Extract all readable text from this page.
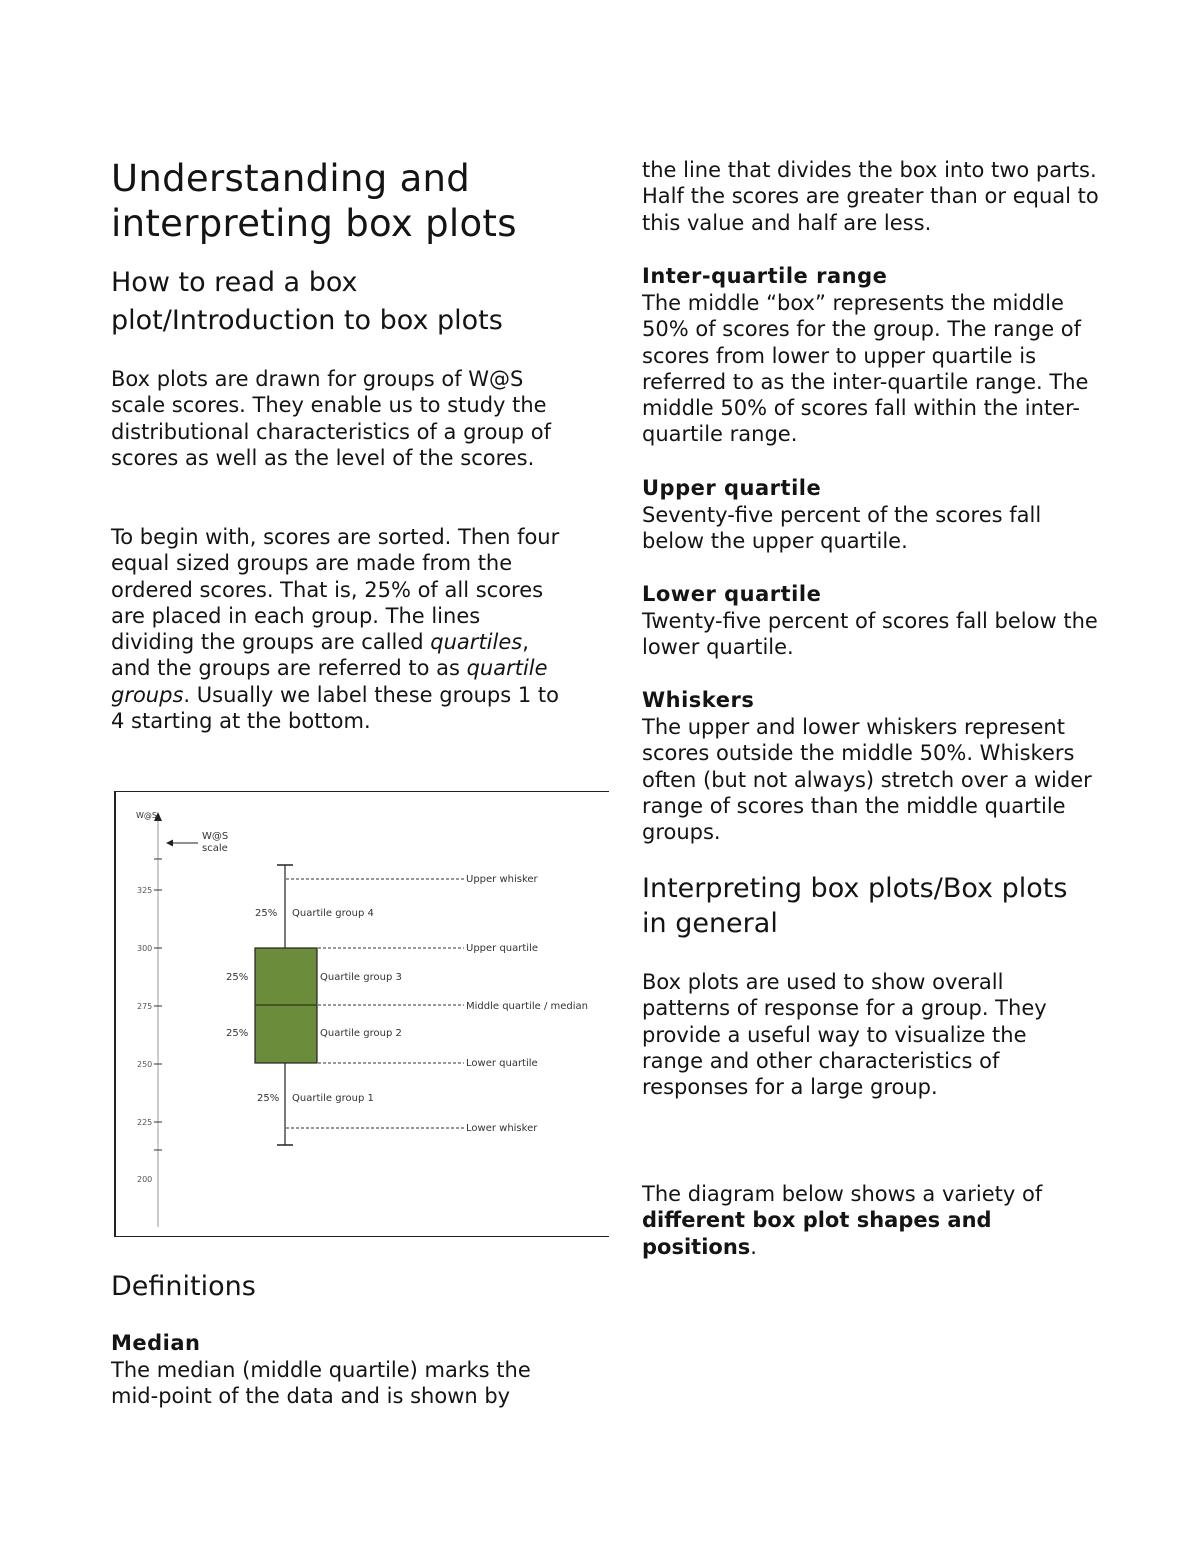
Understanding and interpreting box plots
How to read a box plot/Introduction to box plots

Box plots are drawn for groups of W@S scale scores. They enable us to study the distributional characteristics of a group of scores as well as the level of the scores.

To begin with, scores are sorted. Then four equal sized groups are made from the ordered scores. That is, 25% of all scores are placed in each group. The lines dividing the groups are called quartiles, and the groups are referred to as quartile groups. Usually we label these groups 1 to 4 starting at the bottom.

Definitions
Median

The median (middle quartile) marks the mid-point of the data and is shown by

W@S
W@S
scale
325
300
275
250
225
200
Upper whisker
Upper quartile
Middle quartile / median
Lower quartile
Lower whisker
25% Quartile group 4
25%	Quartile group 3
25%	Quartile group 2
25% Quartile group 1

the line that divides the box into two parts. Half the scores are greater than or equal to this value and half are less.

Inter-quartile range

The middle “box” represents the middle 50% of scores for the group. The range of scores from lower to upper quartile is referred to as the inter-quartile range. The middle 50% of scores fall within the inter-quartile range.

Upper quartile

Seventy-five percent of the scores fall below the upper quartile.

Lower quartile

Twenty-five percent of scores fall below the lower quartile.

Whiskers

The upper and lower whiskers represent scores outside the middle 50%. Whiskers often (but not always) stretch over a wider range of scores than the middle quartile groups.

Interpreting box plots/Box plots in general

Box plots are used to show overall patterns of response for a group. They provide a useful way to visualize the range and other characteristics of responses for a large group.

The diagram below shows a variety of different box plot shapes and positions.
